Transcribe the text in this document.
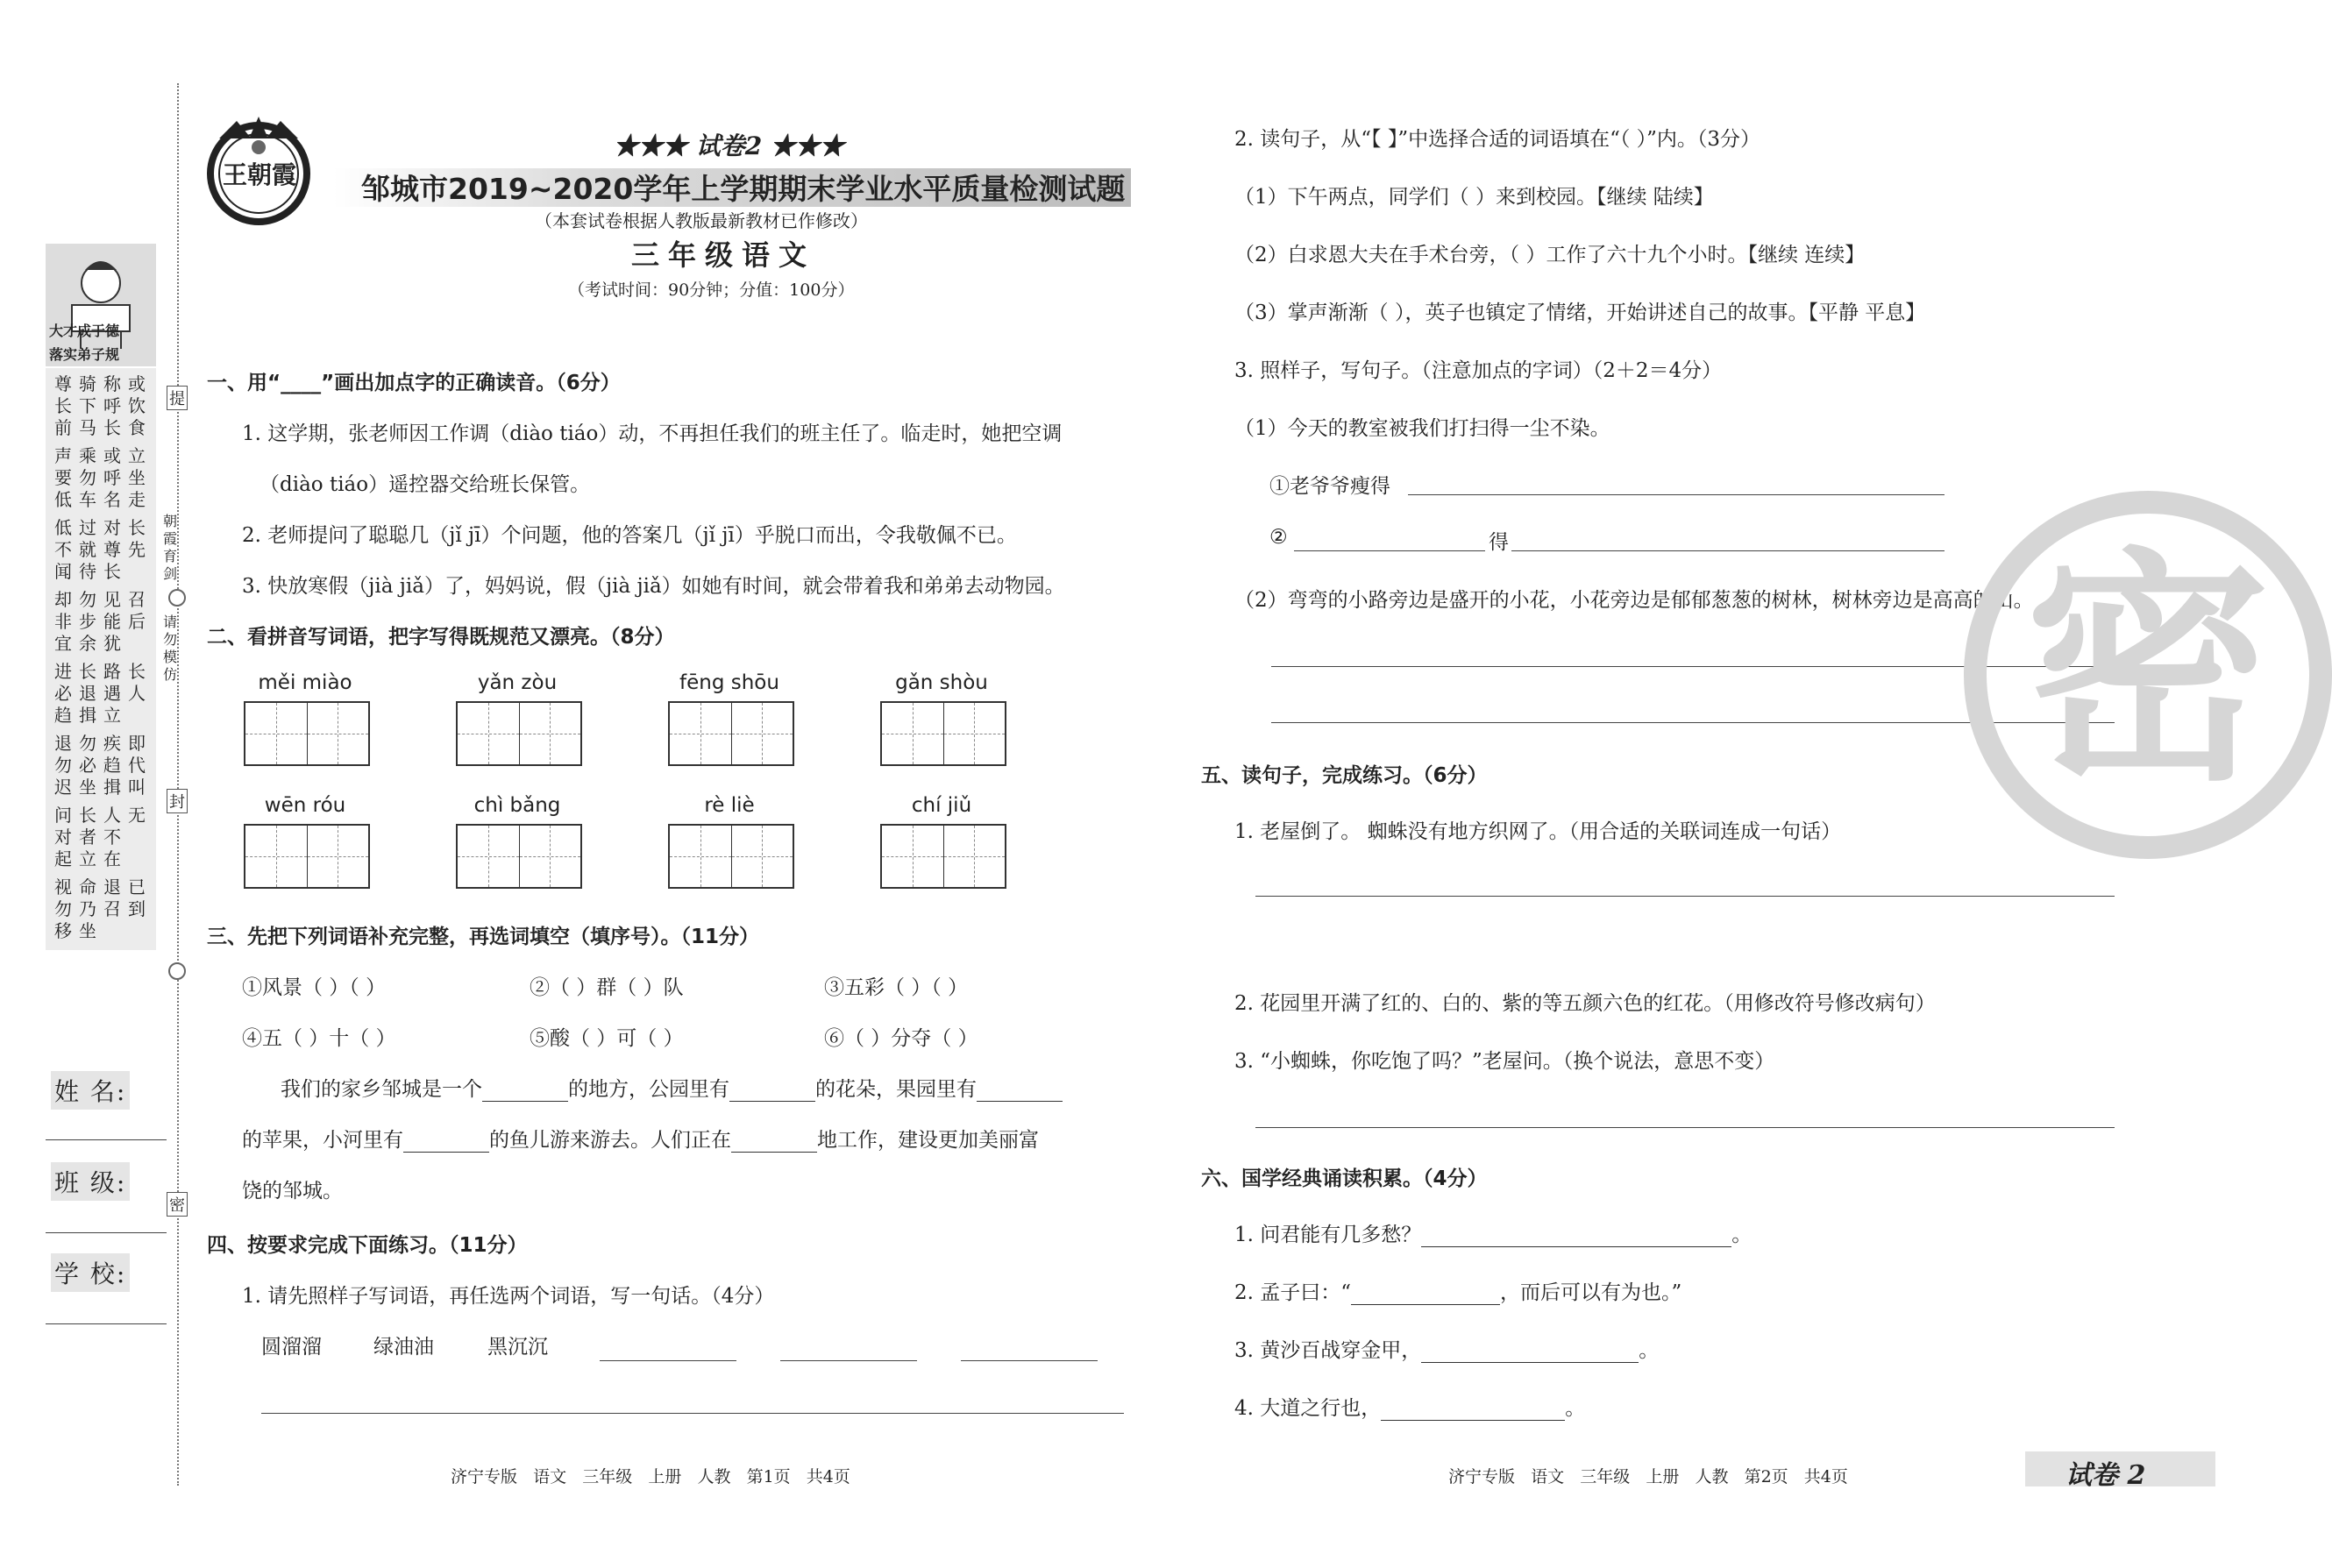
大才成于德
落实弟子规
尊长前
骑下马
称呼长
或饮食
声要低
乘勿车
或呼名
立坐走
低不闻
过就待
对尊长
长先
却非宜
勿步余
见能犹
召后
进必趋
长退揖
路遇立
长人
退勿迟
勿必坐
疾趋揖
即代叫
问对起
长者立
人不在
无
视勿移
命乃坐
退召
已到
提
朝霞育剑
请勿模仿
封
密
姓 名:
班 级:
学 校:
王朝霞
★★★ 试卷2 ★★★
邹城市2019~2020学年上学期期末学业水平质量检测试题
（本套试卷根据人教版最新教材已作修改）
三年级语文
（考试时间：90分钟；分值：100分）
一、用“____”画出加点字的正确读音。（6分）
1. 这学期，张老师因工作调（diào tiáo）动，不再担任我们的班主任了。临走时，她把空调
（diào tiáo）遥控器交给班长保管。
2. 老师提问了聪聪几（jǐ jī）个问题，他的答案几（jǐ jī）乎脱口而出，令我敬佩不已。
3. 快放寒假（jià jiǎ）了，妈妈说，假（jià jiǎ）如她有时间，就会带着我和弟弟去动物园。
二、看拼音写词语，把字写得既规范又漂亮。（8分）
měi miào	yǎn zòu	fēng shōu	gǎn shòu
wēn róu	chì bǎng	rè liè	chí jiǔ
三、先把下列词语补充完整，再选词填空（填序号）。（11分）
①风景（ ）（ ）	②（ ）群（ ）队	③五彩（ ）（ ）
④五（ ）十（ ）	⑤酸（ ）可（ ）	⑥（ ）分夺（ ）
我们的家乡邹城是一个	的地方，公园里有	的花朵，果园里有
的苹果，小河里有	的鱼儿游来游去。人们正在	地工作，建设更加美丽富
饶的邹城。
四、按要求完成下面练习。（11分）
1. 请先照样子写词语，再任选两个词语，写一句话。（4分）
圆溜溜	绿油油	黑沉沉
2. 读句子，从“【 】”中选择合适的词语填在“（ ）”内。（3分）
（1）下午两点，同学们（ ）来到校园。【继续 陆续】
（2）白求恩大夫在手术台旁，（ ）工作了六十九个小时。【继续 连续】
（3）掌声渐渐（ ），英子也镇定了情绪，开始讲述自己的故事。【平静 平息】
3. 照样子，写句子。（注意加点的字词）（2＋2＝4分）
（1）今天的教室被我们打扫得一尘不染。
①老爷爷瘦得
②	得
（2）弯弯的小路旁边是盛开的小花，小花旁边是郁郁葱葱的树林，树林旁边是高高的山。
五、读句子，完成练习。（6分）
1. 老屋倒了。 蜘蛛没有地方织网了。（用合适的关联词连成一句话）
2. 花园里开满了红的、白的、紫的等五颜六色的红花。（用修改符号修改病句）
3. “小蜘蛛，你吃饱了吗？”老屋问。（换个说法，意思不变）
六、国学经典诵读积累。（4分）
1. 问君能有几多愁？	。
2. 孟子曰：“	，而后可以有为也。”
3. 黄沙百战穿金甲，	。
4. 大道之行也，	。
密
济宁专版   语文   三年级   上册   人教   第1页   共4页	济宁专版   语文   三年级   上册   人教   第2页   共4页	试卷 2
